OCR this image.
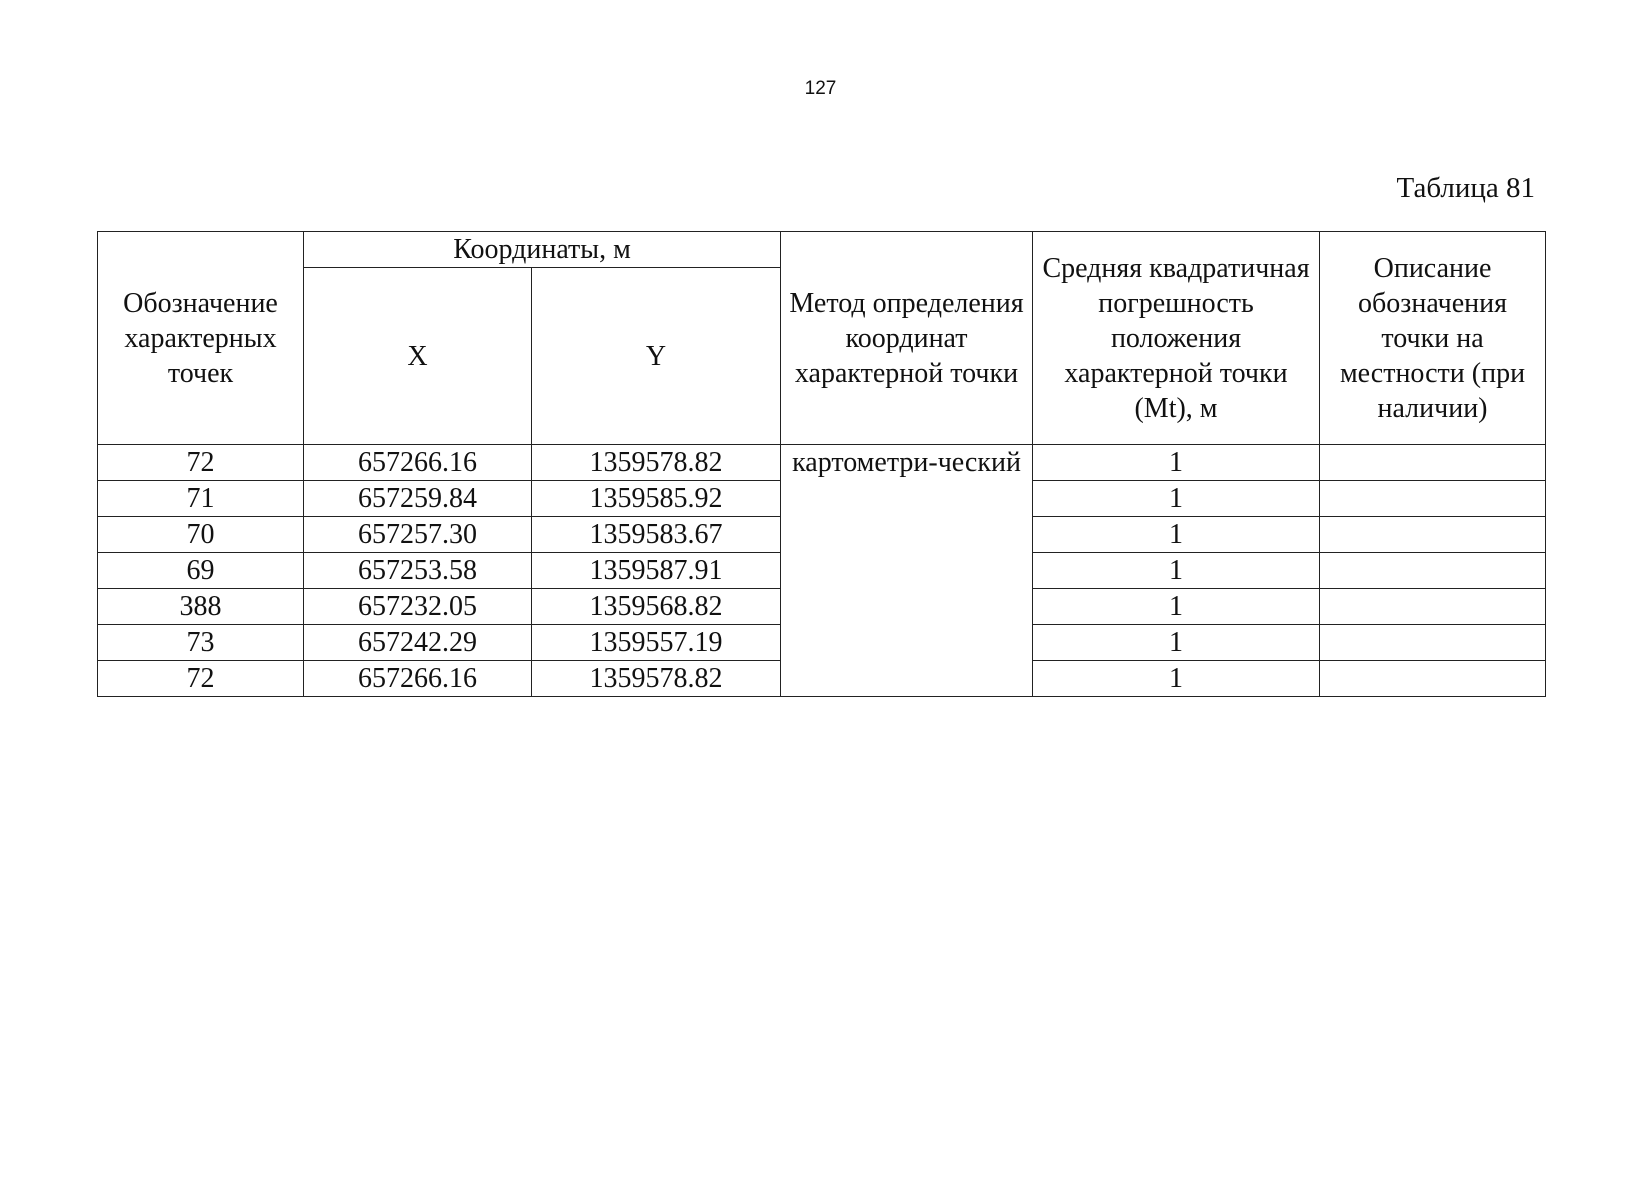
127
Таблица 81
Обозначение характерных точек	Координаты, м		Метод определения координат характерной точки	Средняя квадратичная погрешность положения характерной точки (Mt), м	Описание обозначения точки на местности (при наличии)
	X	Y			
72	657266.16	1359578.82	картометри-ческий	1	
71	657259.84	1359585.92		1	
70	657257.30	1359583.67		1	
69	657253.58	1359587.91		1	
388	657232.05	1359568.82		1	
73	657242.29	1359557.19		1	
72	657266.16	1359578.82		1	
